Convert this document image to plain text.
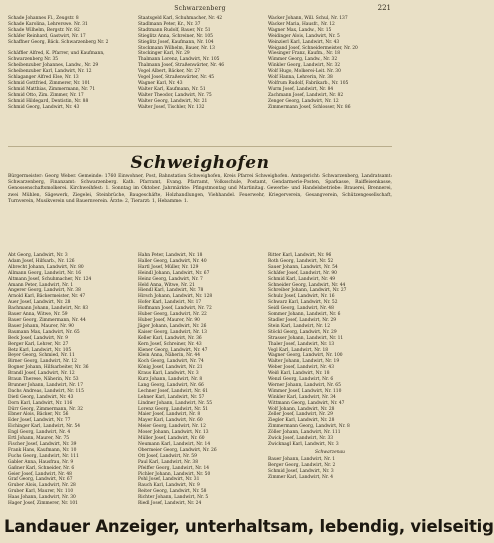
Schwarzenberg	221
Schade Johannes Fl., Zeugstr. 8
Schade Karolina, Lehrerswe. Nr. 31
Schade Wilhelm, Bergstr. Nr. 82
Schäfer Reinhard, Gastwirt, Nr. 17
Schaffner Georg, Bäck. Schwarzenberg Nr. 2

Schäffler Alfred, K. Pfarrer, und Kaufmann,
Schwarzenberg Nr. 35
Scheibenzuber Johannes, Landw., Nr. 29
Scheibenzuber Karl, Landwirt, Nr. 12
Schlaganger Alfred Else, Nr. 13
Schmid Gottfried, Zimmerer, Nr. 101
Schmid Matthias, Zimmermann, Nr. 71
Schmid Otto, Zim. Zimmer, Nr. 17
Schmid Hildegard, Dentistin, Nr. 88
Schmid Georg, Landwirt, Nr. 43
Staatsgeld Karl, Schuhmacher, Nr. 42
Stadlmann Peter, Kr., Nr. 37
Stadtmann Rudolf, Bauer, Nr. 51
Stieglitz Anna, Schreiner, Nr. 105
Stieglitz Josef, Kaufmann, Nr. 104
Stockmann Wilhelm, Bauer, Nr. 13
Stockinger Karl, Nr. 29
Thalmann Lorenz, Landwirt, Nr. 105
Thalmann Josef, Straßenwärter, Nr. 46
Vogel Albert, Bäcker, Nr. 27
Vogel Josef, Straßenwärter, Nr. 45
Wagner Karl, Nr. 43
Walter Karl, Kaufmann, Nr. 51
Walter Theodor, Landwirt, Nr. 75
Walter Georg, Landwirt, Nr. 21
Walter Josef, Tischler, Nr. 132
Wacker Johann, Will. Schul, Nr. 137
Wacker Maria, Hausfr., Nr. 12
Wagner Max, Landw., Nr. 15
Weidinger Alois, Landwirt, Nr. 5
Weinzierl Karl, Landwirt, Nr. 43
Weigand Josef, Schneidermeister, Nr. 20
Wiesinger Franz, Kaufm., Nr. 18
Wimmer Georg, Landw., Nr. 32
Winkler Georg, Landwirt, Nr. 32
Wolf Hugo, Molkerei-Leit. Nr. 30
Wolf Hanna, Lehrerin, Nr. 38
Wolfrum Rudolf, Fabrikarb., Nr. 105
Wurm Josef, Landwirt, Nr. 84
Zachmann Josef, Landwirt, Nr. 82
Zenger Georg, Landwirt, Nr. 12
Zimmermann Josef, Schlosser, Nr. 86
Schweighofen
Bürgermeister: Georg Weber. Gemeinde: 1760 Einwohner, Post, Bahnstation Schweighofen, Kreis Pfarrei Schweighofen. Amtsgericht: Schwarzenberg, Landratsamt: Schwarzenberg, Finanzamt: Schwarzenberg. Kath. Pfarramt, Evang. Pfarramt, Volksschule, Postamt, Gendarmerie-Posten, Sparkasse, Raiffeisenkasse, Genossenschaftsmolkerei. Kirchweihfest: 1. Sonntag im Oktober. Jahrmärkte: Pfingstmontag und Martinitag. Gewerbe- und Handelsbetriebe: Brauerei, Brennerei, zwei Mühlen, Sägewerk, Ziegelei, Steinbrüche, Baugeschäfte, Holzhandlungen, Viehhandel. Feuerwehr, Kriegerverein, Gesangverein, Schützengesellschaft, Turnverein, Musikverein und Bauernverein. Ärzte: 2, Tierarzt: 1, Hebamme: 1.
Abt Georg, Landwirt, Nr. 3
Adam Josef, Hilfsarb., Nr. 126
Albrecht Johann, Landwirt, Nr. 80
Allmann Georg, Landwirt, Nr. 16
Altmann Josef, Schuhmacher, Nr. 124
Amann Peter, Landwirt, Nr. 1
Angerer Georg, Landwirt, Nr. 38
Arnold Karl, Bäckermeister, Nr. 47
Auer Josef, Landwirt, Nr. 28
Bachmann Johann, Landwirt, Nr. 83
Bauer Anna, Witwe, Nr. 59
Bauer Georg, Zimmermann, Nr. 44
Bauer Johann, Maurer, Nr. 90
Baumann Max, Landwirt, Nr. 65
Beck Josef, Landwirt, Nr. 9
Berger Karl, Lehrer, Nr. 27
Betz Karl, Landwirt, Nr. 105
Beyer Georg, Schmied, Nr. 11
Birner Georg, Landwirt, Nr. 12
Bogner Johann, Hilfsarbeiter, Nr. 36
Brandl Josef, Landwirt, Nr. 12
Braun Therese, Näherin, Nr. 53
Brunner Johann, Landwirt, Nr. 17
Dachs Andreas, Landwirt, Nr. 115
Dietl Georg, Landwirt, Nr. 43
Dorn Karl, Landwirt, Nr. 116
Dürr Georg, Zimmermann, Nr. 32
Ebner Alois, Bäcker, Nr. 56
Eder Josef, Landwirt, Nr. 77
Eichinger Karl, Landwirt, Nr. 54
Engl Georg, Landwirt, Nr. 4
Ertl Johann, Maurer, Nr. 75
Fischer Josef, Landwirt, Nr. 39
Frank Hans, Kaufmann, Nr. 10
Fuchs Georg, Landwirt, Nr. 111
Gabler Anna, Hausfrau, Nr. 9
Gaßner Karl, Schneider, Nr. 6
Geier Josef, Landwirt, Nr. 48
Graf Georg, Landwirt, Nr. 67
Gruber Alois, Landwirt, Nr. 28
Gruber Karl, Maurer, Nr. 110
Haas Johann, Landwirt, Nr. 30
Hager Josef, Zimmerer, Nr. 101
Hahn Peter, Landwirt, Nr. 18
Haller Georg, Landwirt, Nr. 40
Hartl Josef, Müller, Nr. 129
Heindl Johann, Landwirt, Nr. 67
Heinz Georg, Landwirt, Nr. 7
Held Anna, Witwe, Nr. 21
Hiendl Karl, Landwirt, Nr. 78
Hirsch Johann, Landwirt, Nr. 128
Hofer Karl, Landwirt, Nr. 17
Hoffmann Josef, Landwirt, Nr. 72
Huber Georg, Landwirt, Nr. 22
Huber Josef, Maurer, Nr. 90
Jäger Johann, Landwirt, Nr. 26
Kaiser Georg, Landwirt, Nr. 13
Keller Karl, Landwirt, Nr. 36
Kern Josef, Schreiner, Nr. 43
Kiener Georg, Landwirt, Nr. 47
Klein Anna, Näherin, Nr. 44
Koch Georg, Landwirt, Nr. 74
König Josef, Landwirt, Nr. 21
Kraus Karl, Landwirt, Nr. 3
Kurz Johann, Landwirt, Nr. 8
Lang Georg, Landwirt, Nr. 66
Lechner Josef, Landwirt, Nr. 61
Lehner Karl, Landwirt, Nr. 57
Lindner Johann, Landwirt, Nr. 55
Lorenz Georg, Landwirt, Nr. 51
Maier Josef, Landwirt, Nr. 8
Mayer Karl, Landwirt, Nr. 60
Meier Georg, Landwirt, Nr. 12
Moser Johann, Landwirt, Nr. 13
Müller Josef, Landwirt, Nr. 60
Neumann Karl, Landwirt, Nr. 14
Obermeier Georg, Landwirt, Nr. 26
Ott Josef, Landwirt, Nr. 59
Paul Karl, Landwirt, Nr. 38
Pfeiffer Georg, Landwirt, Nr. 14
Pichler Johann, Landwirt, Nr. 50
Pohl Josef, Landwirt, Nr. 31
Rauch Karl, Landwirt, Nr. 9
Reiter Georg, Landwirt, Nr. 58
Richter Johann, Landwirt, Nr. 5
Riedl Josef, Landwirt, Nr. 24
Ritter Karl, Landwirt, Nr. 96
Roth Georg, Landwirt, Nr. 52
Sauer Johann, Landwirt, Nr. 54
Schäfer Josef, Landwirt, Nr. 90
Schmid Karl, Landwirt, Nr. 49
Schneider Georg, Landwirt, Nr. 44
Schreiber Johann, Landwirt, Nr. 27
Schulz Josef, Landwirt, Nr. 16
Schwarz Karl, Landwirt, Nr. 52
Seidl Georg, Landwirt, Nr. 48
Sommer Johann, Landwirt, Nr. 6
Stadler Josef, Landwirt, Nr. 29
Stein Karl, Landwirt, Nr. 12
Stöckl Georg, Landwirt, Nr. 29
Strasser Johann, Landwirt, Nr. 11
Thaler Josef, Landwirt, Nr. 13
Vogl Karl, Landwirt, Nr. 18
Wagner Georg, Landwirt, Nr. 100
Walter Johann, Landwirt, Nr. 19
Weber Josef, Landwirt, Nr. 43
Weiß Karl, Landwirt, Nr. 18
Wenzl Georg, Landwirt, Nr. 6
Werner Johann, Landwirt, Nr. 65
Wimmer Josef, Landwirt, Nr. 110
Winkler Karl, Landwirt, Nr. 34
Wittmann Georg, Landwirt, Nr. 47
Wolf Johann, Landwirt, Nr. 28
Zeller Josef, Landwirt, Nr. 29
Ziegler Karl, Landwirt, Nr. 28
Zimmermann Georg, Landwirt, Nr. 8
Zöller Johann, Landwirt, Nr. 111
Zwick Josef, Landwirt, Nr. 33
Zwicknagl Karl, Landwirt, Nr. 3
Schwarzenau
Bauer Johann, Landwirt, Nr. 1
Berger Georg, Landwirt, Nr. 2
Schmid Josef, Landwirt, Nr. 3
Zimmer Karl, Landwirt, Nr. 4
Landauer Anzeiger, unterhaltsam, lebendig, vielseitig
